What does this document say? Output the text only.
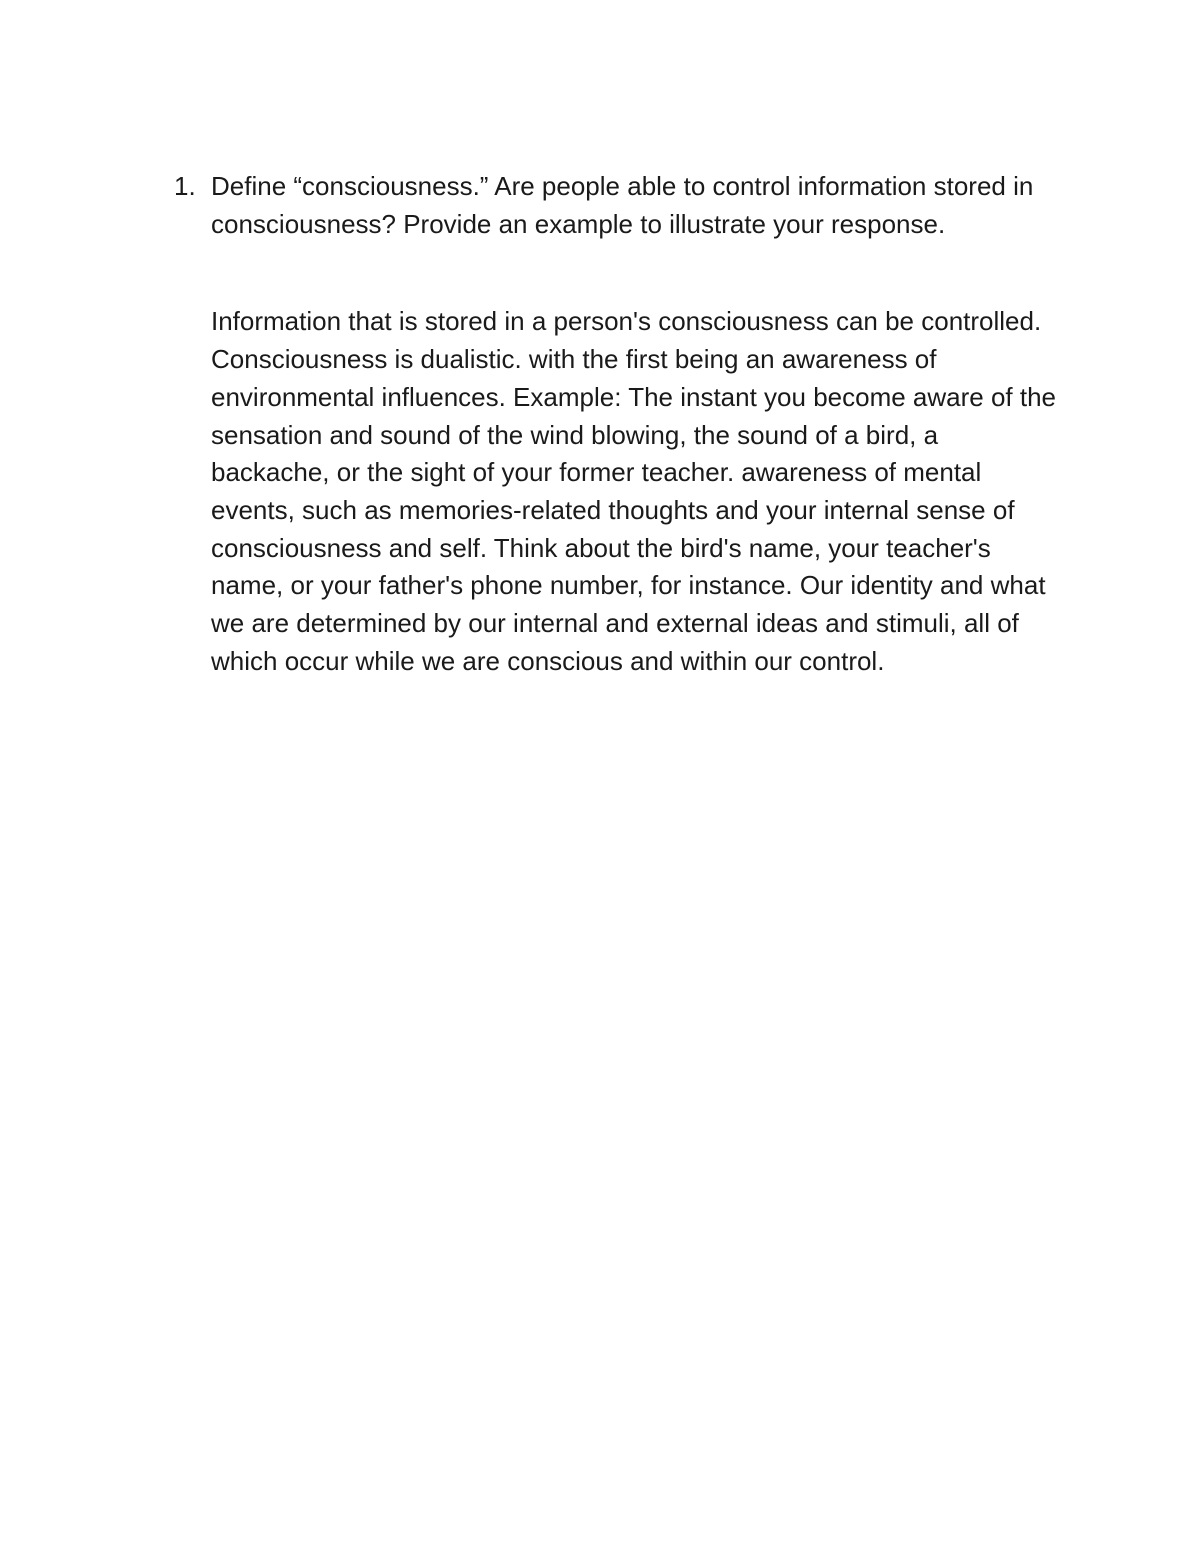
1. Define “consciousness.” Are people able to control information stored in consciousness? Provide an example to illustrate your response.

Information that is stored in a person's consciousness can be controlled. Consciousness is dualistic. with the first being an awareness of environmental influences. Example: The instant you become aware of the sensation and sound of the wind blowing, the sound of a bird, a backache, or the sight of your former teacher. awareness of mental events, such as memories-related thoughts and your internal sense of consciousness and self. Think about the bird's name, your teacher's name, or your father's phone number, for instance. Our identity and what we are determined by our internal and external ideas and stimuli, all of which occur while we are conscious and within our control.
